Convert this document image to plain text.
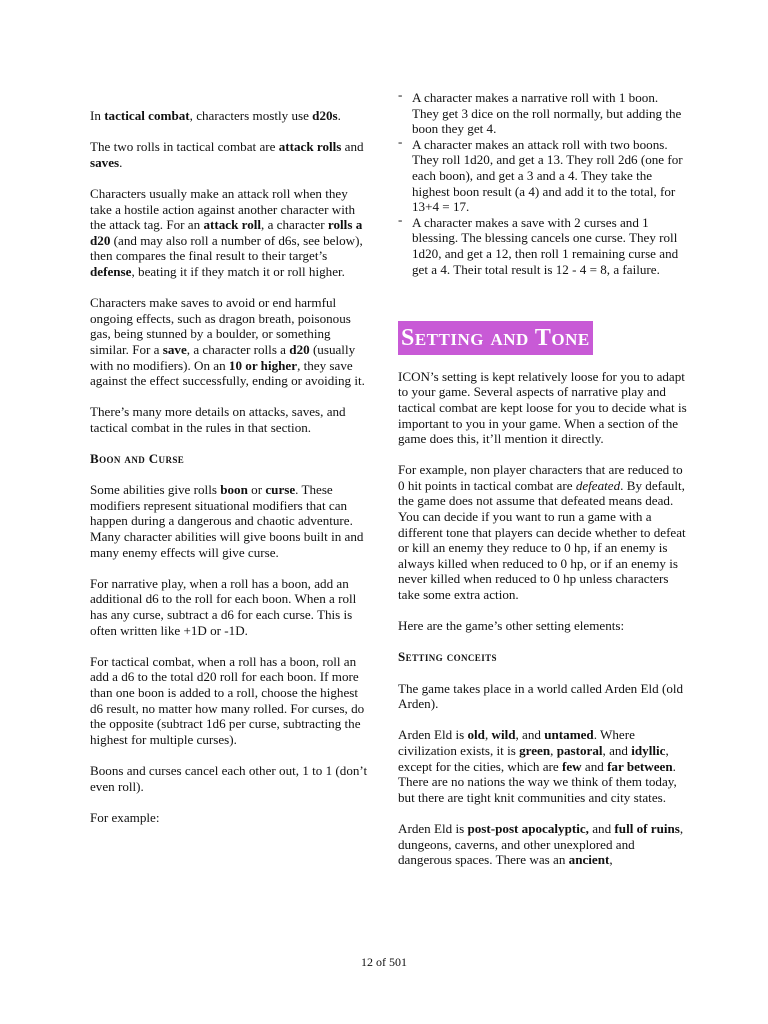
In tactical combat, characters mostly use d20s.

The two rolls in tactical combat are attack rolls and saves.

Characters usually make an attack roll when they take a hostile action against another character with the attack tag. For an attack roll, a character rolls a d20 (and may also roll a number of d6s, see below), then compares the final result to their target’s defense, beating it if they match it or roll higher.

Characters make saves to avoid or end harmful ongoing effects, such as dragon breath, poisonous gas, being stunned by a boulder, or something similar. For a save, a character rolls a d20 (usually with no modifiers). On an 10 or higher, they save against the effect successfully, ending or avoiding it.

There’s many more details on attacks, saves, and tactical combat in the rules in that section.

Boon and Curse

Some abilities give rolls boon or curse. These modifiers represent situational modifiers that can happen during a dangerous and chaotic adventure. Many character abilities will give boons built in and many enemy effects will give curse.

For narrative play, when a roll has a boon, add an additional d6 to the roll for each boon. When a roll has any curse, subtract a d6 for each curse. This is often written like +1D or -1D.

For tactical combat, when a roll has a boon, roll an add a d6 to the total d20 roll for each boon. If more than one boon is added to a roll, choose the highest d6 result, no matter how many rolled. For curses, do the opposite (subtract 1d6 per curse, subtracting the highest for multiple curses).

Boons and curses cancel each other out, 1 to 1 (don’t even roll).

For example:

- A character makes a narrative roll with 1 boon. They get 3 dice on the roll normally, but adding the boon they get 4.
- A character makes an attack roll with two boons. They roll 1d20, and get a 13. They roll 2d6 (one for each boon), and get a 3 and a 4. They take the highest boon result (a 4) and add it to the total, for 13+4 = 17.
- A character makes a save with 2 curses and 1 blessing. The blessing cancels one curse. They roll 1d20, and get a 12, then roll 1 remaining curse and get a 4. Their total result is 12 - 4 = 8, a failure.
Setting and Tone

ICON’s setting is kept relatively loose for you to adapt to your game. Several aspects of narrative play and tactical combat are kept loose for you to decide what is important to you in your game. When a section of the game does this, it’ll mention it directly.

For example, non player characters that are reduced to 0 hit points in tactical combat are defeated. By default, the game does not assume that defeated means dead. You can decide if you want to run a game with a different tone that players can decide whether to defeat or kill an enemy they reduce to 0 hp, if an enemy is always killed when reduced to 0 hp, or if an enemy is never killed when reduced to 0 hp unless characters take some extra action.

Here are the game’s other setting elements:

Setting conceits

The game takes place in a world called Arden Eld (old Arden).

Arden Eld is old, wild, and untamed. Where civilization exists, it is green, pastoral, and idyllic, except for the cities, which are few and far between. There are no nations the way we think of them today, but there are tight knit communities and city states.

Arden Eld is post-post apocalyptic, and full of ruins, dungeons, caverns, and other unexplored and dangerous spaces. There was an ancient,

12 of 501
